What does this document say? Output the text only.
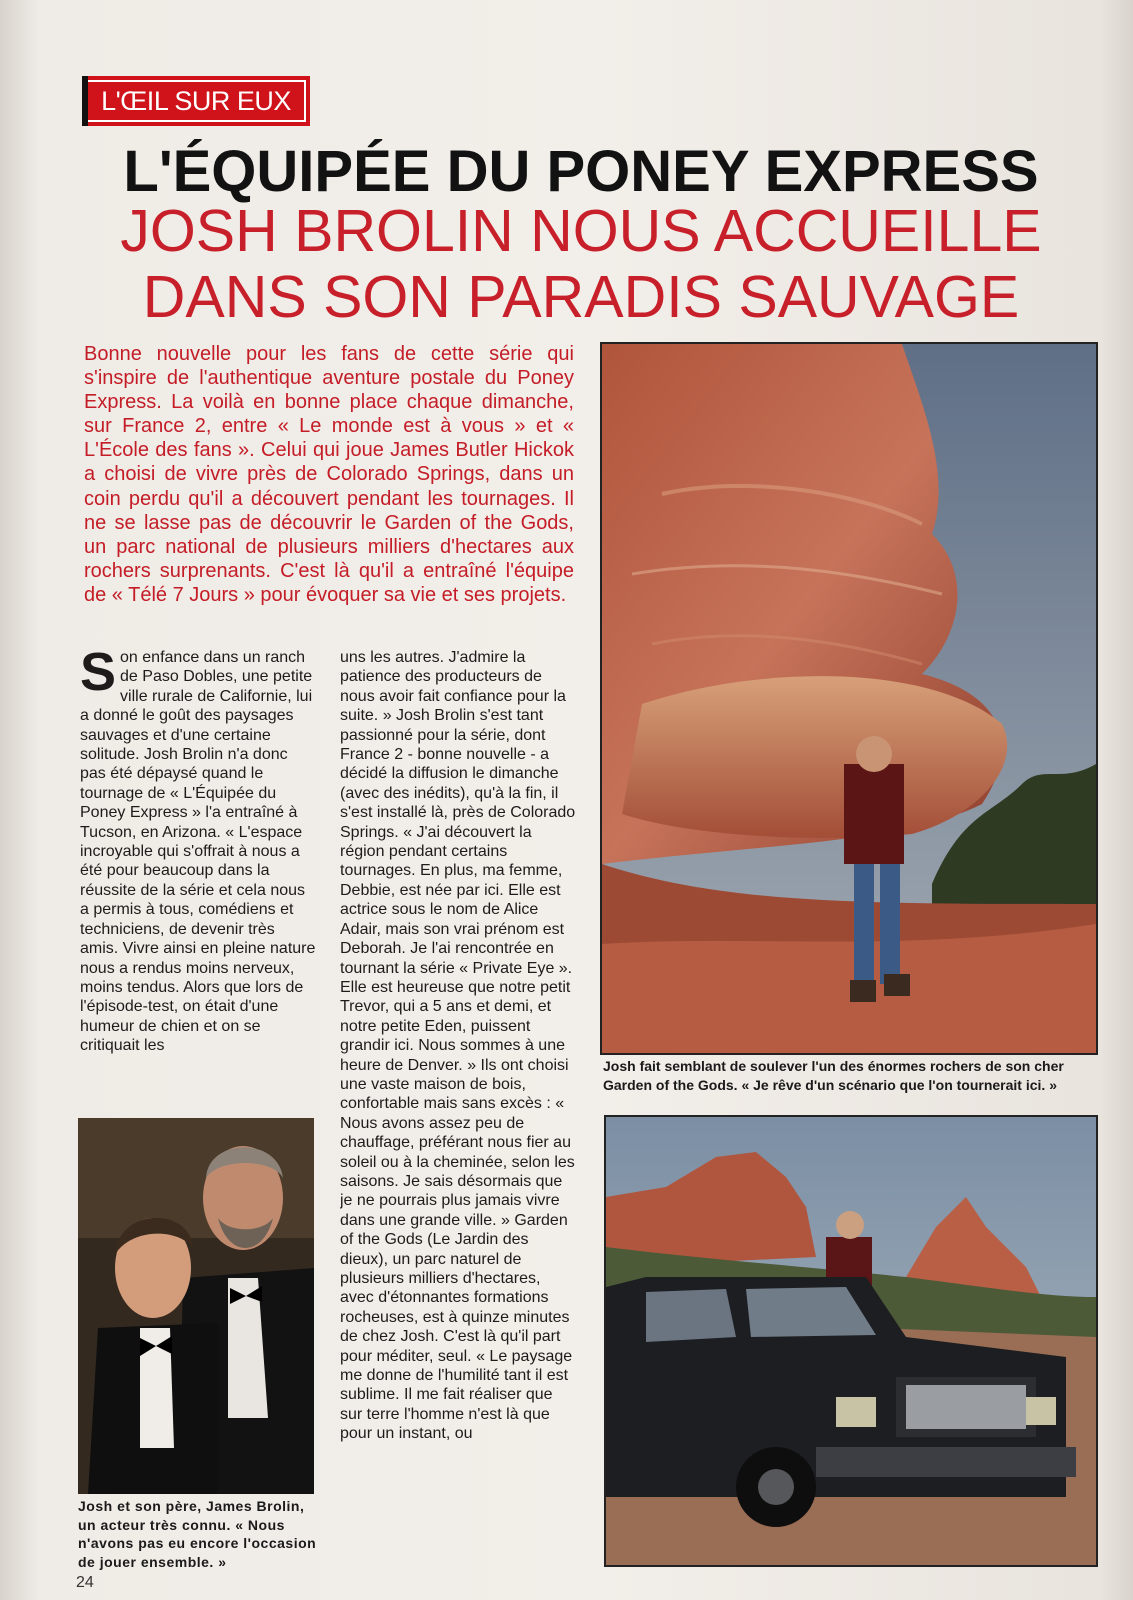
L'ŒIL SUR EUX
L'ÉQUIPÉE DU PONEY EXPRESS
JOSH BROLIN NOUS ACCUEILLE
DANS SON PARADIS SAUVAGE
Bonne nouvelle pour les fans de cette série qui s'inspire de l'authentique aventure postale du Poney Express. La voilà en bonne place chaque dimanche, sur France 2, entre « Le monde est à vous » et « L'École des fans ». Celui qui joue James Butler Hickok a choisi de vivre près de Colorado Springs, dans un coin perdu qu'il a découvert pendant les tournages. Il ne se lasse pas de découvrir le Garden of the Gods, un parc national de plusieurs milliers d'hectares aux rochers surprenants. C'est là qu'il a entraîné l'équipe de « Télé 7 Jours » pour évoquer sa vie et ses projets.

Son enfance dans un ranch de Paso Dobles, une petite ville rurale de Californie, lui a donné le goût des paysages sauvages et d'une certaine solitude. Josh Brolin n'a donc pas été dépaysé quand le tournage de « L'Équipée du Poney Express » l'a entraîné à Tucson, en Arizona. « L'espace incroyable qui s'offrait à nous a été pour beaucoup dans la réussite de la série et cela nous a permis à tous, comédiens et techniciens, de devenir très amis. Vivre ainsi en pleine nature nous a rendus moins nerveux, moins tendus. Alors que lors de l'épisode-test, on était d'une humeur de chien et on se critiquait les

uns les autres. J'admire la patience des producteurs de nous avoir fait confiance pour la suite. » Josh Brolin s'est tant passionné pour la série, dont France 2 - bonne nouvelle - a décidé la diffusion le dimanche (avec des inédits), qu'à la fin, il s'est installé là, près de Colorado Springs. « J'ai découvert la région pendant certains tournages. En plus, ma femme, Debbie, est née par ici. Elle est actrice sous le nom de Alice Adair, mais son vrai prénom est Deborah. Je l'ai rencontrée en tournant la série « Private Eye ». Elle est heureuse que notre petit Trevor, qui a 5 ans et demi, et notre petite Eden, puissent grandir ici. Nous sommes à une heure de Denver. » Ils ont choisi une vaste maison de bois, confortable mais sans excès : « Nous avons assez peu de chauffage, préférant nous fier au soleil ou à la cheminée, selon les saisons. Je sais désormais que je ne pourrais plus jamais vivre dans une grande ville. » Garden of the Gods (Le Jardin des dieux), un parc naturel de plusieurs milliers d'hectares, avec d'étonnantes formations rocheuses, est à quinze minutes de chez Josh. C'est là qu'il part pour méditer, seul. « Le paysage me donne de l'humilité tant il est sublime. Il me fait réaliser que sur terre l'homme n'est là que pour un instant, ou

Josh fait semblant de soulever l'un des énormes rochers de son cher Garden of the Gods. « Je rêve d'un scénario que l'on tournerait ici. »
Josh et son père, James Brolin, un acteur très connu. « Nous n'avons pas eu encore l'occasion de jouer ensemble. »
24
